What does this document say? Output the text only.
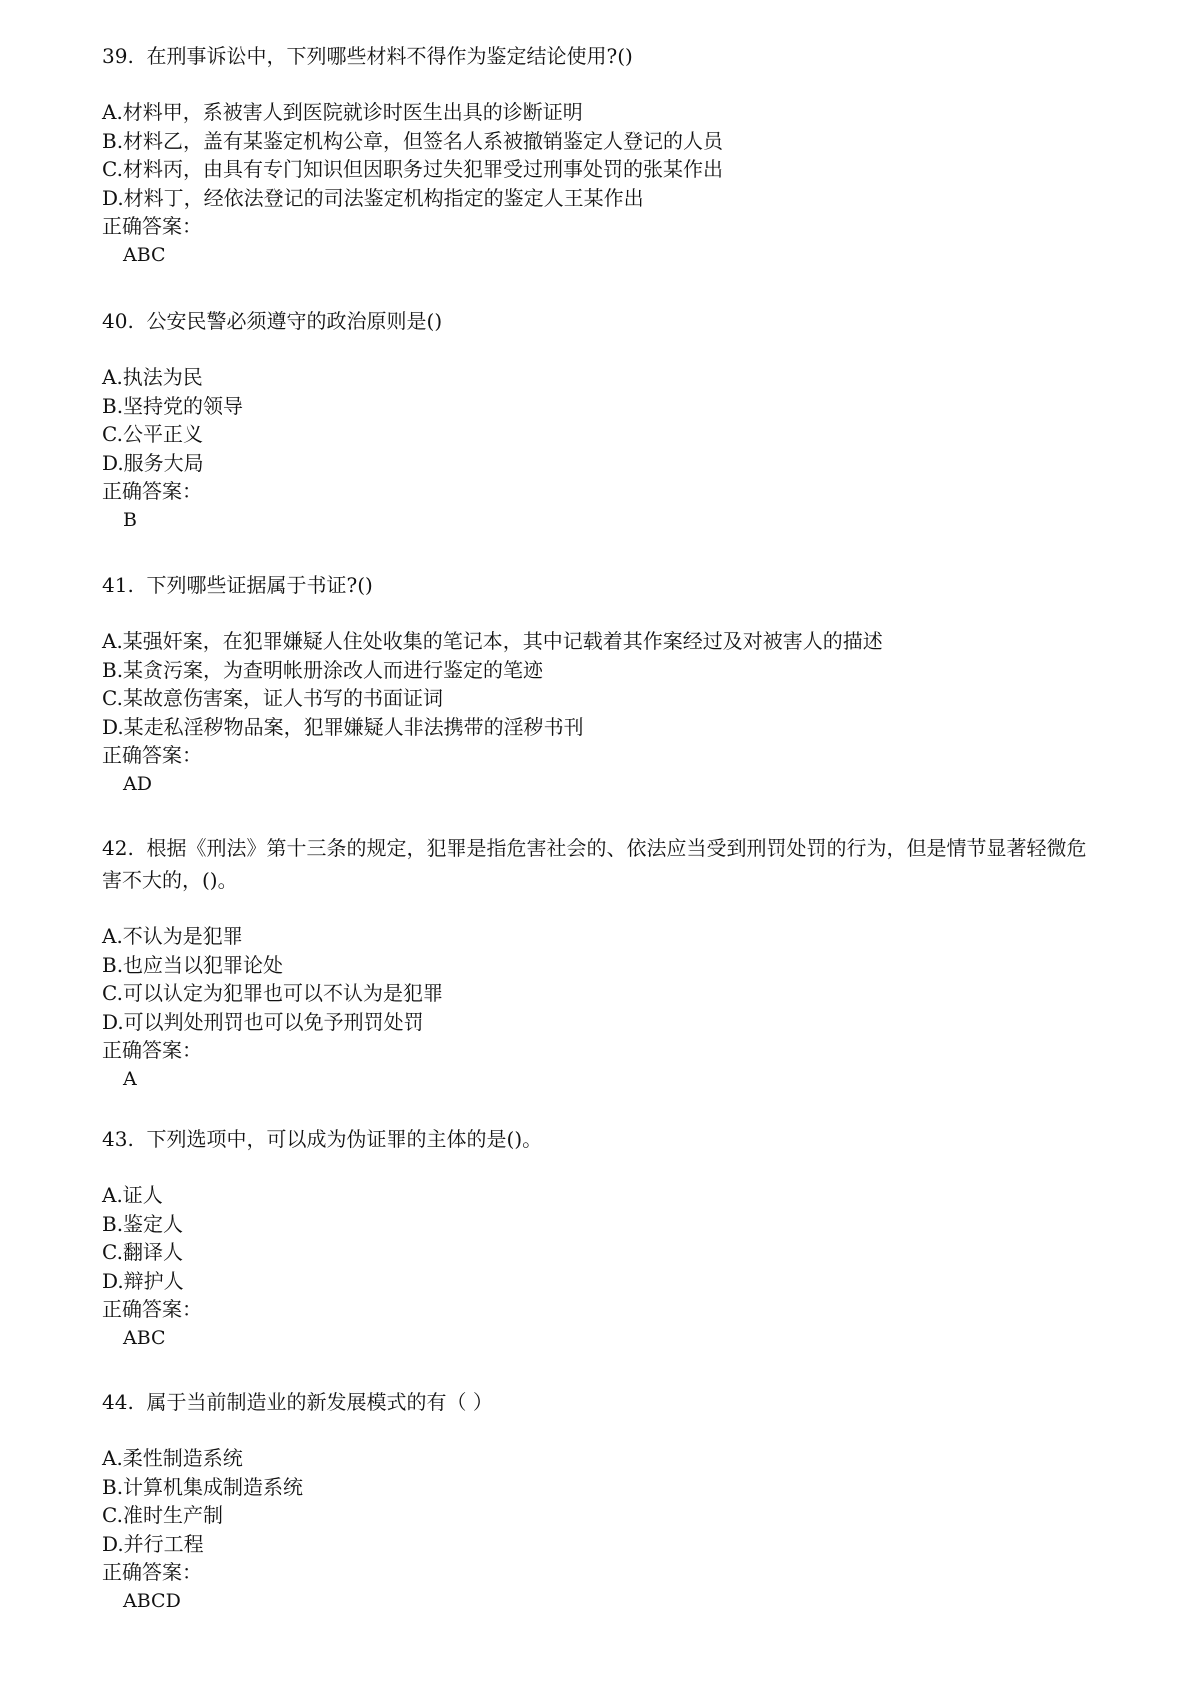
39.  在刑事诉讼中，下列哪些材料不得作为鉴定结论使用?()

A.材料甲，系被害人到医院就诊时医生出具的诊断证明

B.材料乙，盖有某鉴定机构公章，但签名人系被撤销鉴定人登记的人员

C.材料丙，由具有专门知识但因职务过失犯罪受过刑事处罚的张某作出

D.材料丁，经依法登记的司法鉴定机构指定的鉴定人王某作出

正确答案：

ABC

40.  公安民警必须遵守的政治原则是()

A.执法为民

B.坚持党的领导

C.公平正义

D.服务大局

正确答案：

B

41.  下列哪些证据属于书证?()

A.某强奸案，在犯罪嫌疑人住处收集的笔记本，其中记载着其作案经过及对被害人的描述

B.某贪污案，为查明帐册涂改人而进行鉴定的笔迹

C.某故意伤害案，证人书写的书面证词

D.某走私淫秽物品案，犯罪嫌疑人非法携带的淫秽书刊

正确答案：

AD

42.  根据《刑法》第十三条的规定，犯罪是指危害社会的、依法应当受到刑罚处罚的行为，但是情节显著轻微危害不大的，()。

A.不认为是犯罪

B.也应当以犯罪论处

C.可以认定为犯罪也可以不认为是犯罪

D.可以判处刑罚也可以免予刑罚处罚

正确答案：

A

43.  下列选项中，可以成为伪证罪的主体的是()。

A.证人

B.鉴定人

C.翻译人

D.辩护人

正确答案：

ABC

44.  属于当前制造业的新发展模式的有（ ）

A.柔性制造系统

B.计算机集成制造系统

C.准时生产制

D.并行工程

正确答案：

ABCD
